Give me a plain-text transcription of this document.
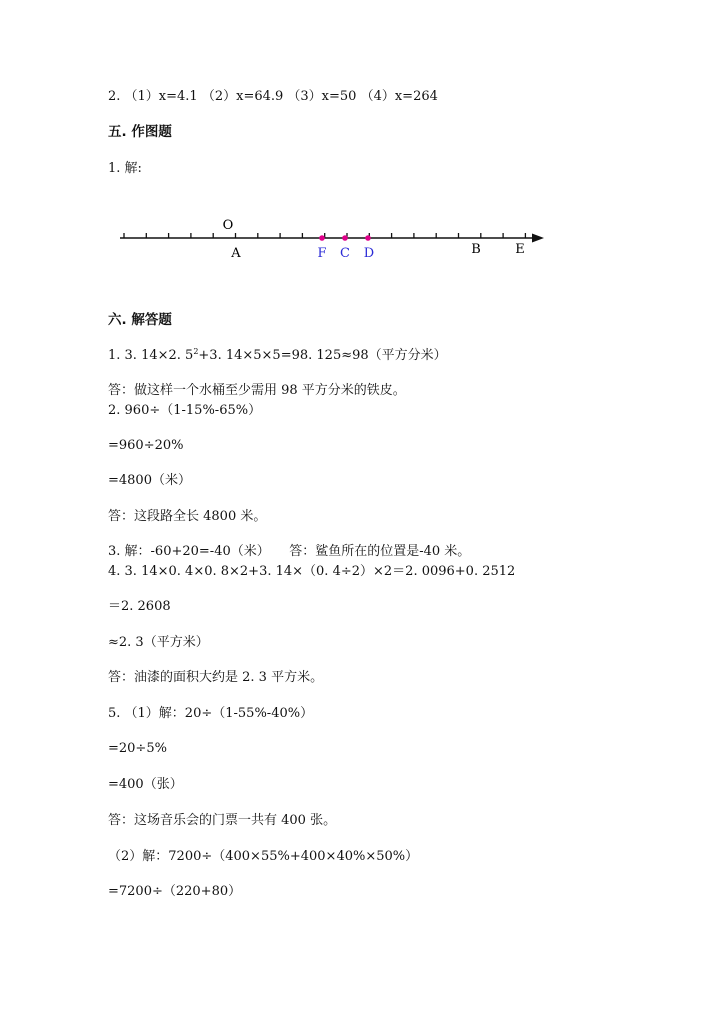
2. （1）x=4.1 （2）x=64.9 （3）x=50 （4）x=264
五. 作图题
1. 解:
O
A	F C D	B	E
六. 解答题
1. 3. 14×2. $5^2+3$. 14×5×5=98. 125≈98（平方分米）
答：做这样一个水桶至少需用 98 平方分米的铁皮。
2. 960÷（1-15%-65%）
=960÷20%
=4800（米）
答：这段路全长 4800 米。
3. 解：-60+20=-40（米）　　答：鲨鱼所在的位置是-40 米。
4. 3. 14×0. 4×0. 8×2+3. 14×（0. 4÷2）×2＝2. 0096+0. 2512
＝2. 2608
≈2. 3（平方米）
答：油漆的面积大约是 2. 3 平方米。
5. （1）解：20÷（1-55%-40%）
=20÷5%
=400（张）
答：这场音乐会的门票一共有 400 张。
（2）解：7200÷（400×55%+400×40%×50%）
=7200÷（220+80）
